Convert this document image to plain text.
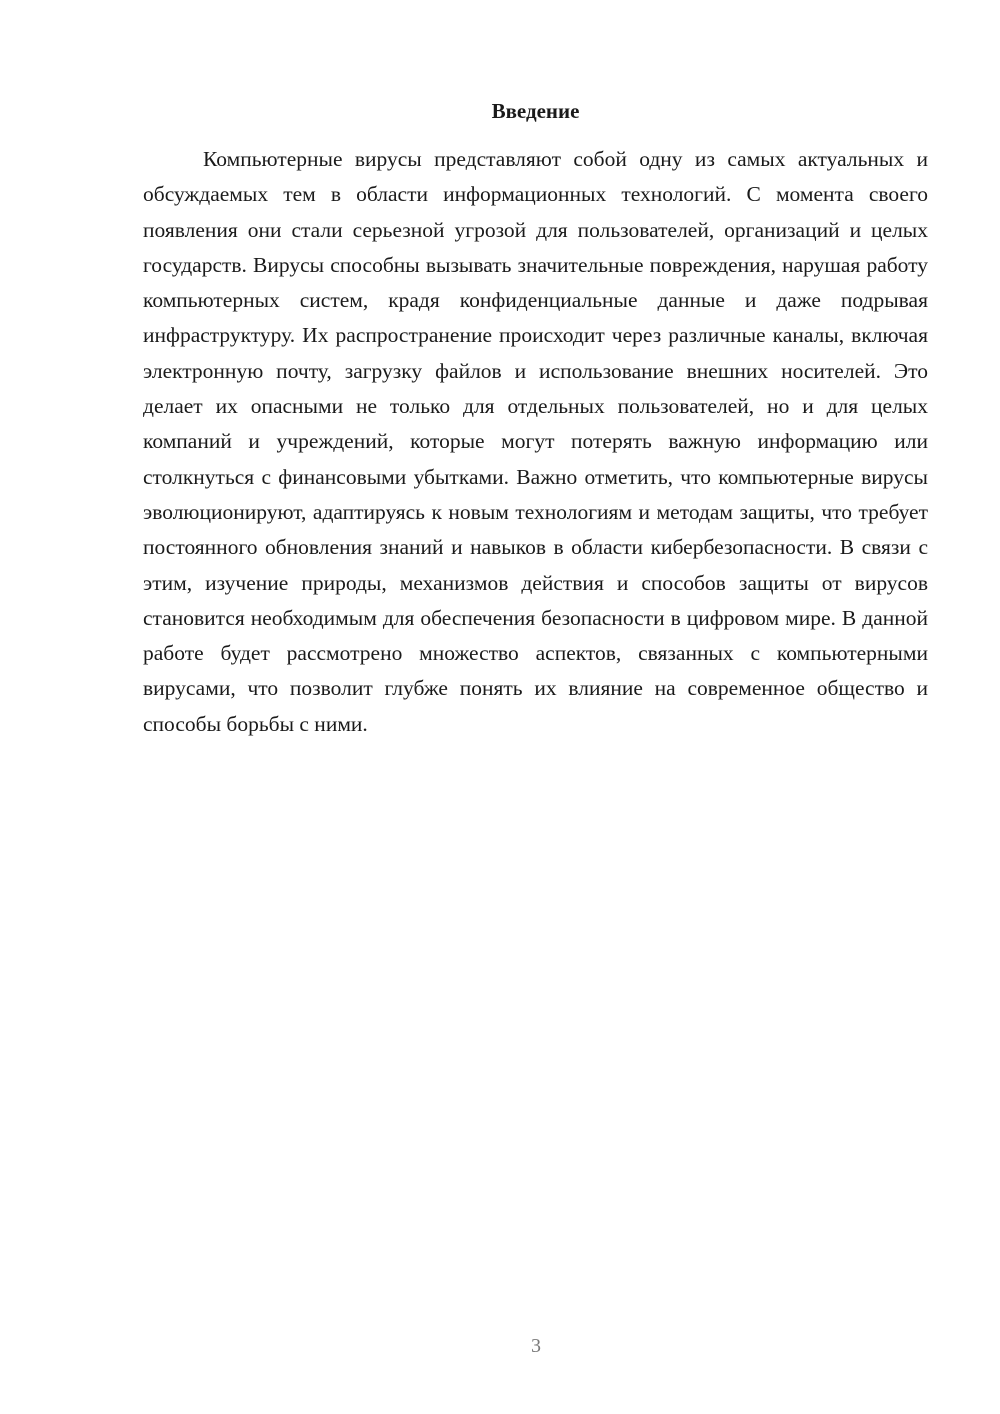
Введение

Компьютерные вирусы представляют собой одну из самых актуальных и обсуждаемых тем в области информационных технологий. С момента своего появления они стали серьезной угрозой для пользователей, организаций и целых государств. Вирусы способны вызывать значительные повреждения, нарушая работу компьютерных систем, крадя конфиденциальные данные и даже подрывая инфраструктуру. Их распространение происходит через различные каналы, включая электронную почту, загрузку файлов и использование внешних носителей. Это делает их опасными не только для отдельных пользователей, но и для целых компаний и учреждений, которые могут потерять важную информацию или столкнуться с финансовыми убытками. Важно отметить, что компьютерные вирусы эволюционируют, адаптируясь к новым технологиям и методам защиты, что требует постоянного обновления знаний и навыков в области кибербезопасности. В связи с этим, изучение природы, механизмов действия и способов защиты от вирусов становится необходимым для обеспечения безопасности в цифровом мире. В данной работе будет рассмотрено множество аспектов, связанных с компьютерными вирусами, что позволит глубже понять их влияние на современное общество и способы борьбы с ними.

3
